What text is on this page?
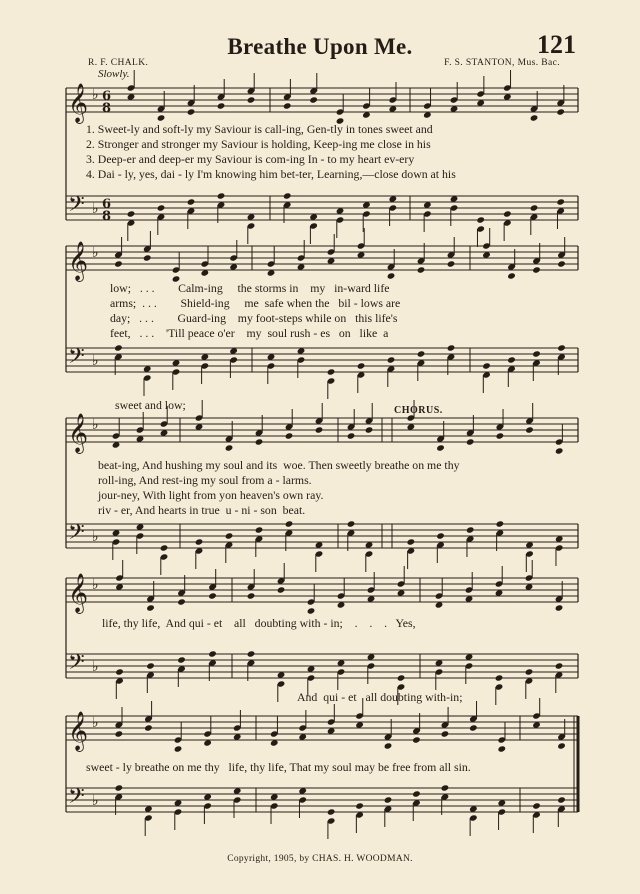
Breathe Upon Me.	121
R. F. CHALK.	F. S. STANTON, Mus. Bac.
Slowly.
𝄞
𝄢
♭
♭
6
8
6
8
𝄞
𝄢
♭
♭
𝄞
𝄢
♭
♭
𝄞
𝄢
♭
♭
𝄞
𝄢
♭
♭
1. Sweet-ly and soft-ly my Saviour is call-ing, Gen-tly in tones sweet and
2. Stronger and stronger my Saviour is holding, Keep-ing me close in his
3. Deep-er and deep-er my Saviour is com-ing In - to my heart ev-ery
4. Dai - ly, yes, dai - ly I'm knowing him bet-ter, Learning,—close down at his
low;   . . .        Calm-ing     the storms in    my   in-ward life
arms;  . . .        Shield-ing     me  safe when the   bil - lows are
day;   . . .        Guard-ing    my foot-steps while on   this life's
feet,   . . .    'Till peace o'er    my  soul rush - es   on   like  a
sweet and low;	CHORUS.
beat-ing, And hushing my soul and its  woe. Then sweetly breathe on me thy
roll-ing, And rest-ing my soul from a - larms.
jour-ney, With light from yon heaven's own ray.
riv - er, And hearts in true  u - ni - son  beat.
life, thy life,  And qui - et    all   doubting with - in;    .    .    .   Yes,
And  qui - et   all doubting with-in;
sweet - ly breathe on me thy   life, thy life, That my soul may be free from all sin.
Copyright, 1905, by CHAS. H. WOODMAN.
